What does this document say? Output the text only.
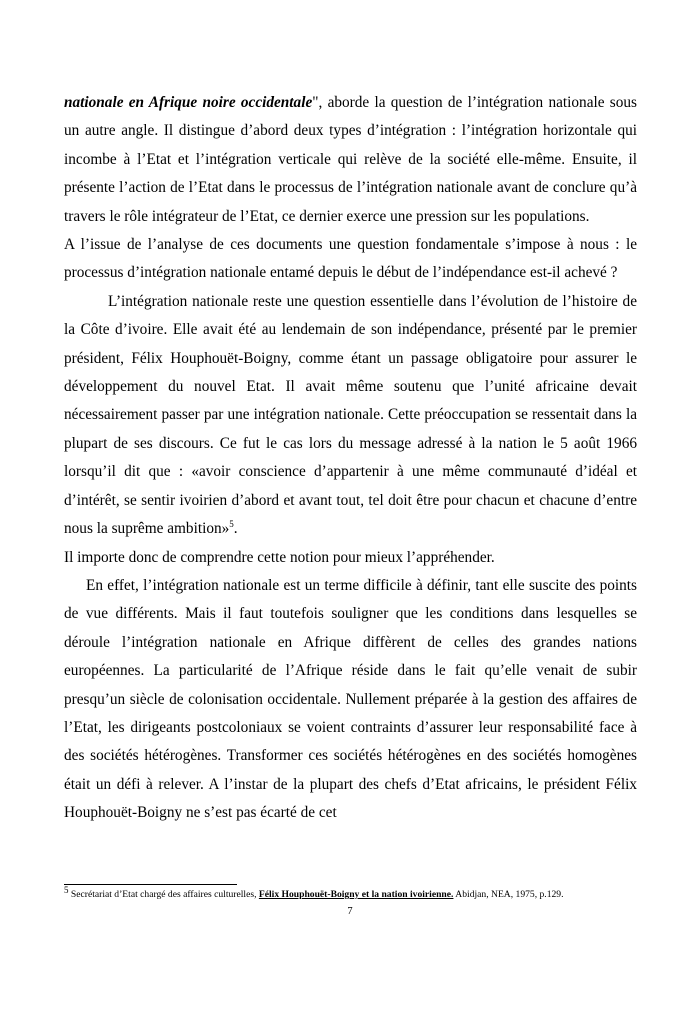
nationale en Afrique noire occidentale", aborde la question de l’intégration nationale sous un autre angle. Il distingue d’abord deux types d’intégration : l’intégration horizontale qui incombe à l’Etat et l’intégration verticale qui relève de la société elle-même. Ensuite, il présente l’action de l’Etat dans le processus de l’intégration nationale avant de conclure qu’à travers le rôle intégrateur de l’Etat, ce dernier exerce une pression sur les populations.

A l’issue de l’analyse de ces documents une question fondamentale s’impose à nous : le processus d’intégration nationale entamé depuis le début de l’indépendance est-il achevé ?

L’intégration nationale reste une question essentielle dans l’évolution de l’histoire de la Côte d’ivoire. Elle avait été au lendemain de son indépendance, présenté par le premier président, Félix Houphouët-Boigny, comme étant un passage obligatoire pour assurer le développement du nouvel Etat. Il avait même soutenu que l’unité africaine devait nécessairement passer par une intégration nationale. Cette préoccupation se ressentait dans la plupart de ses discours. Ce fut le cas lors du message adressé à la nation le 5 août 1966 lorsqu’il dit que : «avoir conscience d’appartenir à une même communauté d’idéal et d’intérêt, se sentir ivoirien d’abord et avant tout, tel doit être pour chacun et chacune d’entre nous la suprême ambition»$^5$.

Il importe donc de comprendre cette notion pour mieux l’appréhender.

En effet, l’intégration nationale est un terme difficile à définir, tant elle suscite des points de vue différents. Mais il faut toutefois souligner que les conditions dans lesquelles se déroule l’intégration nationale en Afrique diffèrent de celles des grandes nations européennes. La particularité de l’Afrique réside dans le fait qu’elle venait de subir presqu’un siècle de colonisation occidentale. Nullement préparée à la gestion des affaires de l’Etat, les dirigeants postcoloniaux se voient contraints d’assurer leur responsabilité face à des sociétés hétérogènes. Transformer ces sociétés hétérogènes en des sociétés homogènes était un défi à relever. A l’instar de la plupart des chefs d’Etat africains, le président Félix Houphouët-Boigny ne s’est pas écarté de cet

$^5$ Secrétariat d’Etat chargé des affaires culturelles, Félix Houphouët-Boigny et la nation ivoirienne. Abidjan, NEA, 1975, p.129.
7
